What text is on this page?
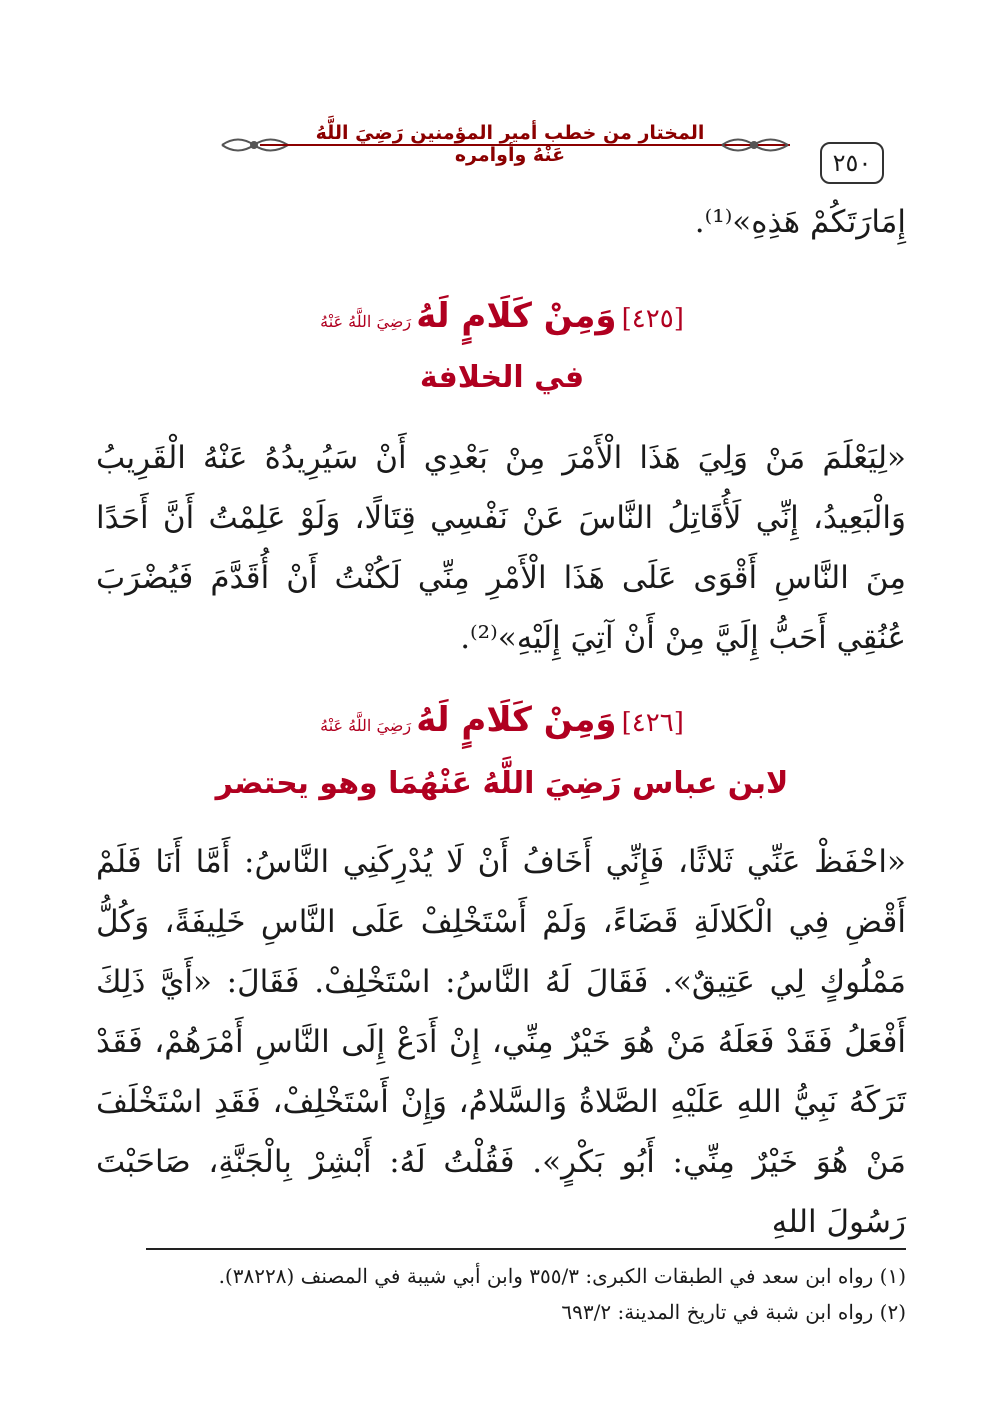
المختار من خطب أمير المؤمنين رَضِيَ اللَّهُ عَنْهُ وأوامره	٢٥٠
إِمَارَتَكُمْ هَذِهِ»⁽¹⁾.
[٤٢٥] وَمِنْ كَلَامٍ لَهُ رَضِيَ اللَّهُ عَنْهُ
في الخلافة
«لِيَعْلَمَ مَنْ وَلِيَ هَذَا الْأَمْرَ مِنْ بَعْدِي أَنْ سَيُرِيدُهُ عَنْهُ الْقَرِيبُ وَالْبَعِيدُ، إِنِّي لَأُقَاتِلُ النَّاسَ عَنْ نَفْسِي قِتَالًا، وَلَوْ عَلِمْتُ أَنَّ أَحَدًا مِنَ النَّاسِ أَقْوَى عَلَى هَذَا الْأَمْرِ مِنِّي لَكُنْتُ أَنْ أُقَدَّمَ فَيُضْرَبَ عُنُقِي أَحَبُّ إِلَيَّ مِنْ أَنْ آتِيَ إِلَيْهِ»⁽²⁾.
[٤٢٦] وَمِنْ كَلَامٍ لَهُ رَضِيَ اللَّهُ عَنْهُ
لابن عباس رَضِيَ اللَّهُ عَنْهُمَا وهو يحتضر
«احْفَظْ عَنِّي ثَلاثًا، فَإِنِّي أَخَافُ أَنْ لَا يُدْرِكَنِي النَّاسُ: أَمَّا أَنَا فَلَمْ أَقْضِ فِي الْكَلالَةِ قَضَاءً، وَلَمْ أَسْتَخْلِفْ عَلَى النَّاسِ خَلِيفَةً، وَكُلُّ مَمْلُوكٍ لِي عَتِيقٌ». فَقَالَ لَهُ النَّاسُ: اسْتَخْلِفْ. فَقَالَ: «أَيَّ ذَلِكَ أَفْعَلُ فَقَدْ فَعَلَهُ مَنْ هُوَ خَيْرٌ مِنِّي، إِنْ أَدَعْ إِلَى النَّاسِ أَمْرَهُمْ، فَقَدْ تَرَكَهُ نَبِيُّ اللهِ عَلَيْهِ الصَّلاةُ وَالسَّلامُ، وَإِنْ أَسْتَخْلِفْ، فَقَدِ اسْتَخْلَفَ مَنْ هُوَ خَيْرٌ مِنِّي: أَبُو بَكْرٍ». فَقُلْتُ لَهُ: أَبْشِرْ بِالْجَنَّةِ، صَاحَبْتَ رَسُولَ اللهِ
(١) رواه ابن سعد في الطبقات الكبرى: ٣٥٥/٣ وابن أبي شيبة في المصنف (٣٨٢٢٨).
(٢) رواه ابن شبة في تاريخ المدينة: ٦٩٣/٢
